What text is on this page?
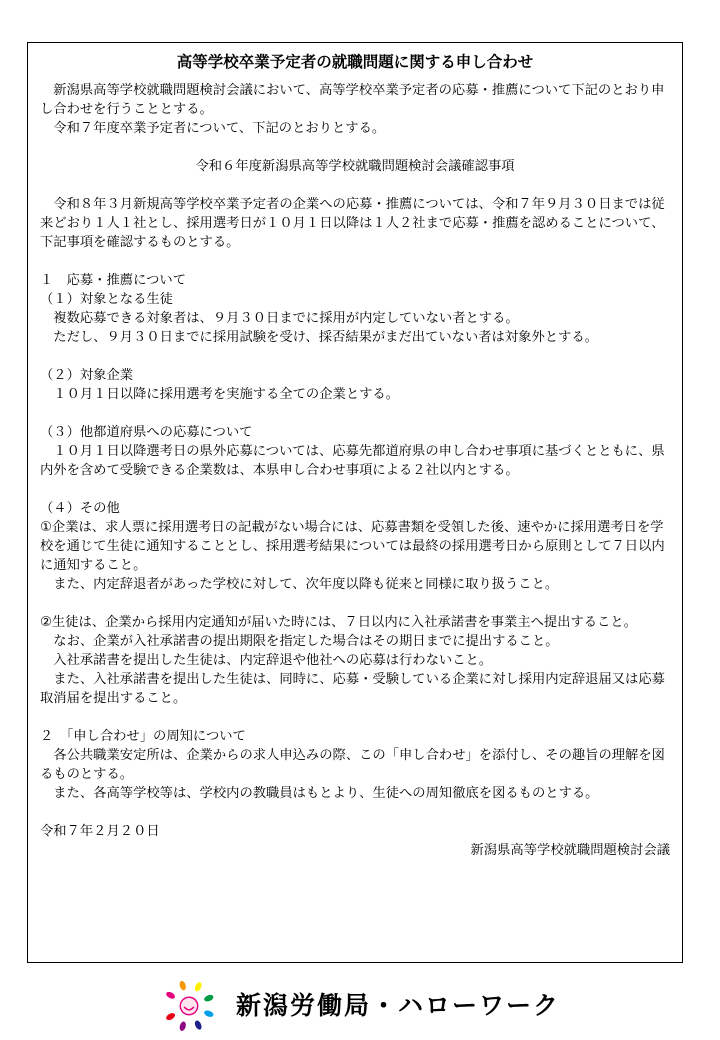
高等学校卒業予定者の就職問題に関する申し合わせ

　新潟県高等学校就職問題検討会議において、高等学校卒業予定者の応募・推薦について下記のとおり申し合わせを行うこととする。

　令和７年度卒業予定者について、下記のとおりとする。

令和６年度新潟県高等学校就職問題検討会議確認事項

　令和８年３月新規高等学校卒業予定者の企業への応募・推薦については、令和７年９月３０日までは従来どおり１人１社とし、採用選考日が１０月１日以降は１人２社まで応募・推薦を認めることについて、下記事項を確認するものとする。

１　応募・推薦について

（１）対象となる生徒

　複数応募できる対象者は、９月３０日までに採用が内定していない者とする。

　ただし、９月３０日までに採用試験を受け、採否結果がまだ出ていない者は対象外とする。

（２）対象企業

　１０月１日以降に採用選考を実施する全ての企業とする。

（３）他都道府県への応募について

　１０月１日以降選考日の県外応募については、応募先都道府県の申し合わせ事項に基づくとともに、県内外を含めて受験できる企業数は、本県申し合わせ事項による２社以内とする。

（４）その他

①企業は、求人票に採用選考日の記載がない場合には、応募書類を受領した後、速やかに採用選考日を学校を通じて生徒に通知することとし、採用選考結果については最終の採用選考日から原則として７日以内に通知すること。

　また、内定辞退者があった学校に対して、次年度以降も従来と同様に取り扱うこと。

②生徒は、企業から採用内定通知が届いた時には、７日以内に入社承諾書を事業主へ提出すること。

　なお、企業が入社承諾書の提出期限を指定した場合はその期日までに提出すること。

　入社承諾書を提出した生徒は、内定辞退や他社への応募は行わないこと。

　また、入社承諾書を提出した生徒は、同時に、応募・受験している企業に対し採用内定辞退届又は応募取消届を提出すること。

２　「申し合わせ」の周知について

　各公共職業安定所は、企業からの求人申込みの際、この「申し合わせ」を添付し、その趣旨の理解を図るものとする。

　また、各高等学校等は、学校内の教職員はもとより、生徒への周知徹底を図るものとする。

令和７年２月２０日

新潟県高等学校就職問題検討会議

新潟労働局・ハローワーク
